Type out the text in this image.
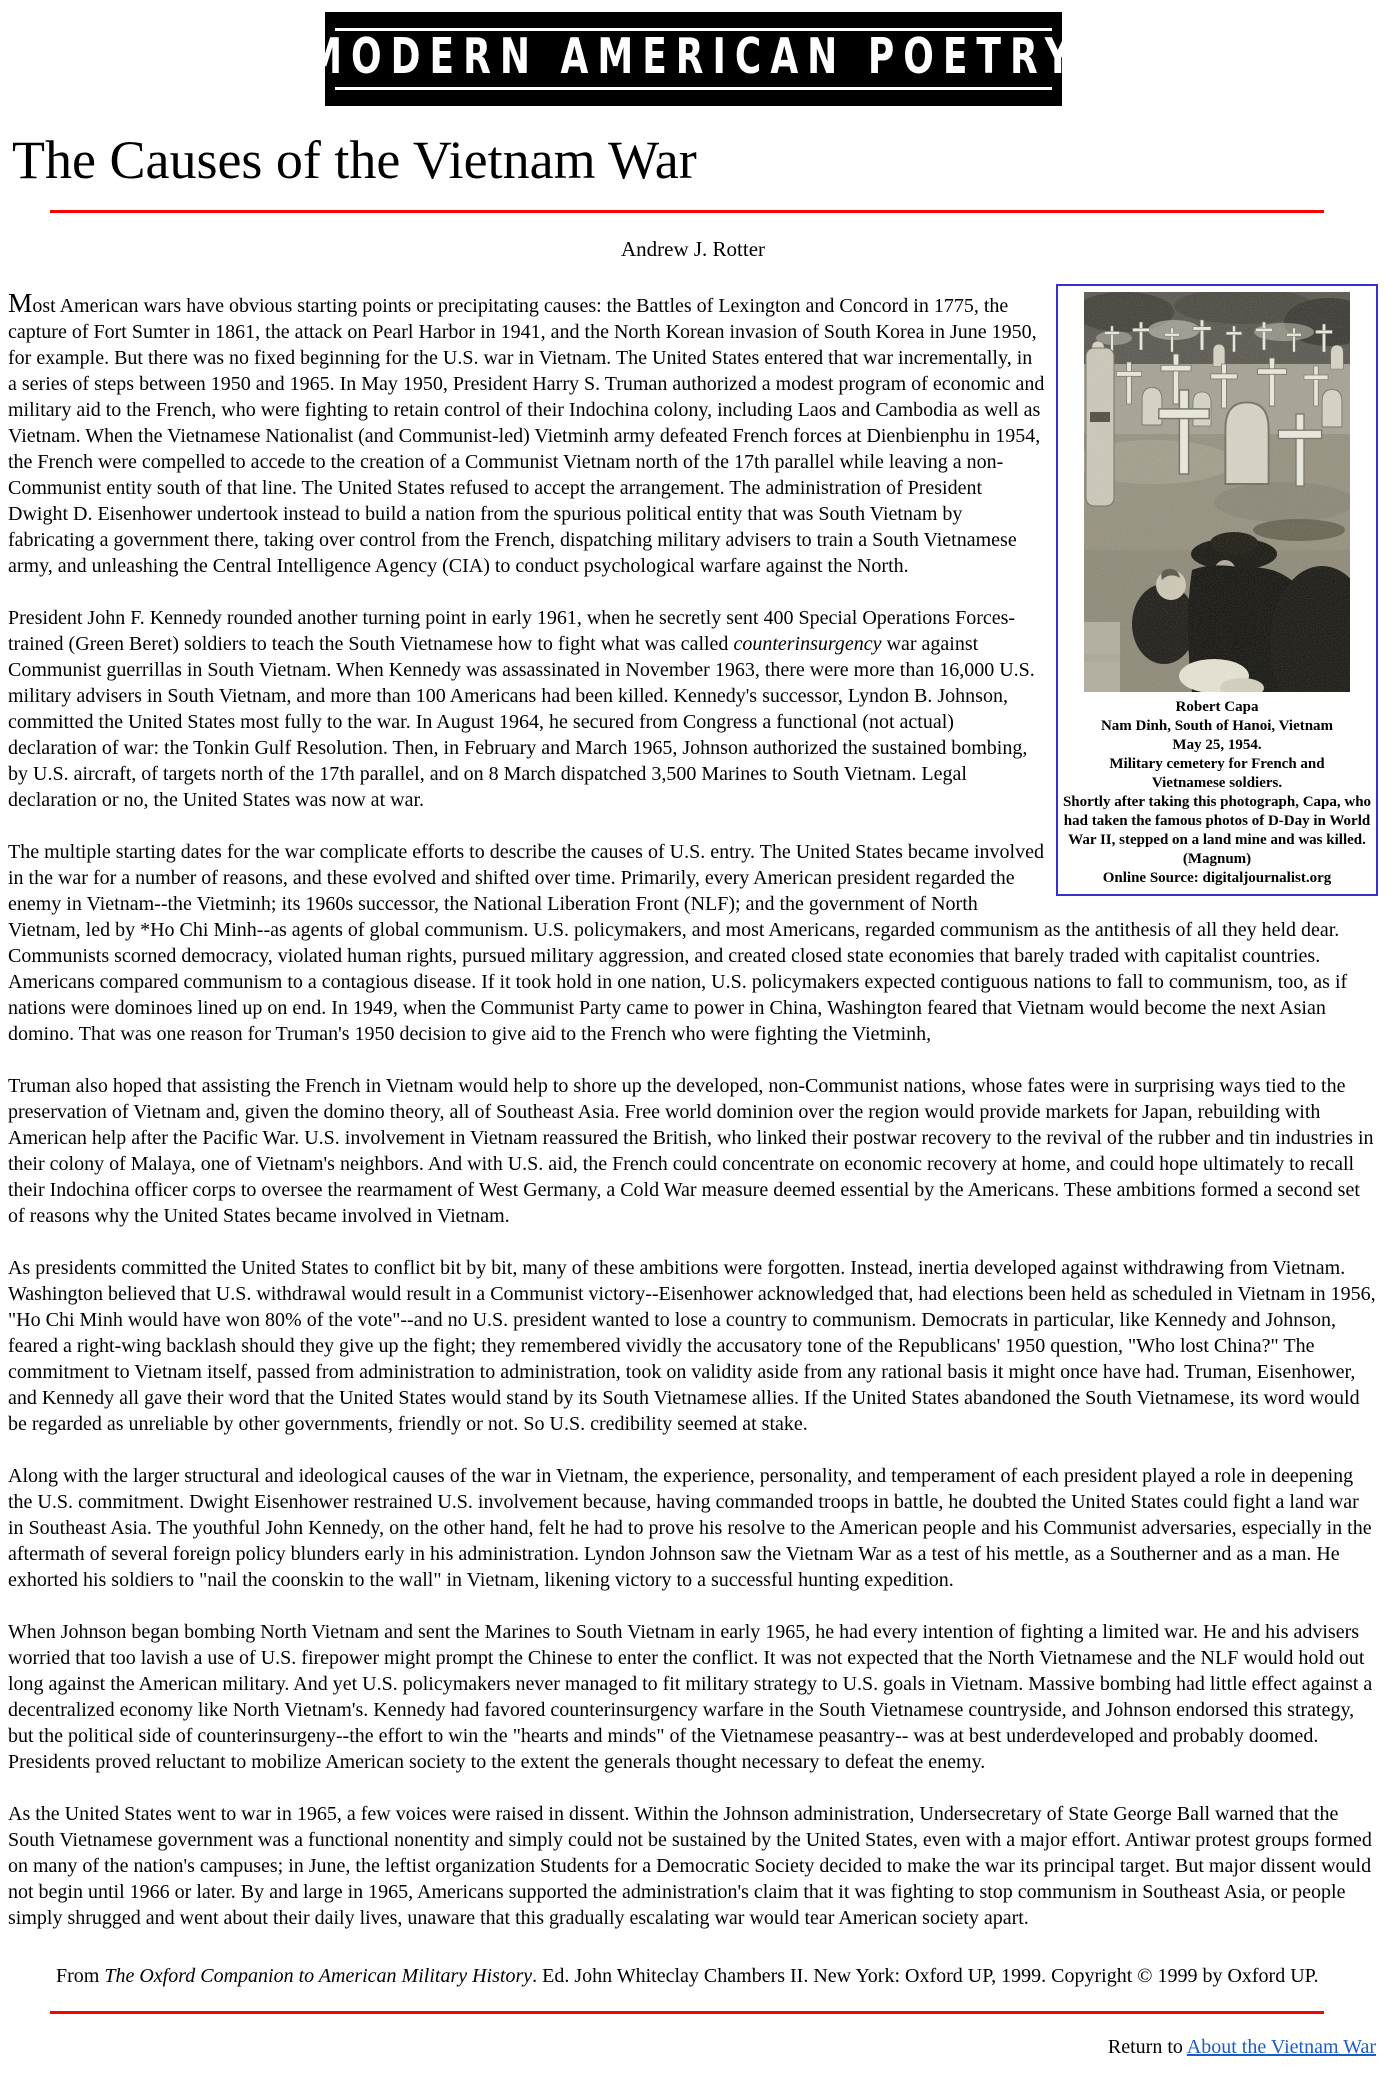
MODERN AMERICAN POETRY
The Causes of the Vietnam War
Andrew J. Rotter
Robert Capa
Nam Dinh, South of Hanoi, Vietnam
May 25, 1954.
Military cemetery for French and
Vietnamese soldiers.
Shortly after taking this photograph, Capa, who
had taken the famous photos of D-Day in World
War II, stepped on a land mine and was killed.
(Magnum)
Online Source: digitaljournalist.org

Most American wars have obvious starting points or precipitating causes: the Battles of Lexington and Concord in 1775, the capture of Fort Sumter in 1861, the attack on Pearl Harbor in 1941, and the North Korean invasion of South Korea in June 1950, for example. But there was no fixed beginning for the U.S. war in Vietnam. The United States entered that war incrementally, in a series of steps between 1950 and 1965. In May 1950, President Harry S. Truman authorized a modest program of economic and military aid to the French, who were fighting to retain control of their Indochina colony, including Laos and Cambodia as well as Vietnam. When the Vietnamese Nationalist (and Communist-led) Vietminh army defeated French forces at Dienbienphu in 1954, the French were compelled to accede to the creation of a Communist Vietnam north of the 17th parallel while leaving a non-Communist entity south of that line. The United States refused to accept the arrangement. The administration of President Dwight D. Eisenhower undertook instead to build a nation from the spurious political entity that was South Vietnam by fabricating a government there, taking over control from the French, dispatching military advisers to train a South Vietnamese army, and unleashing the Central Intelligence Agency (CIA) to conduct psychological warfare against the North.

President John F. Kennedy rounded another turning point in early 1961, when he secretly sent 400 Special Operations Forces-trained (Green Beret) soldiers to teach the South Vietnamese how to fight what was called counterinsurgency war against Communist guerrillas in South Vietnam. When Kennedy was assassinated in November 1963, there were more than 16,000 U.S. military advisers in South Vietnam, and more than 100 Americans had been killed. Kennedy's successor, Lyndon B. Johnson, committed the United States most fully to the war. In August 1964, he secured from Congress a functional (not actual) declaration of war: the Tonkin Gulf Resolution. Then, in February and March 1965, Johnson authorized the sustained bombing, by U.S. aircraft, of targets north of the 17th parallel, and on 8 March dispatched 3,500 Marines to South Vietnam. Legal declaration or no, the United States was now at war.

The multiple starting dates for the war complicate efforts to describe the causes of U.S. entry. The United States became involved in the war for a number of reasons, and these evolved and shifted over time. Primarily, every American president regarded the enemy in Vietnam--the Vietminh; its 1960s successor, the National Liberation Front (NLF); and the government of North Vietnam, led by *Ho Chi Minh--as agents of global communism. U.S. policymakers, and most Americans, regarded communism as the antithesis of all they held dear. Communists scorned democracy, violated human rights, pursued military aggression, and created closed state economies that barely traded with capitalist countries. Americans compared communism to a contagious disease. If it took hold in one nation, U.S. policymakers expected contiguous nations to fall to communism, too, as if nations were dominoes lined up on end. In 1949, when the Communist Party came to power in China, Washington feared that Vietnam would become the next Asian domino. That was one reason for Truman's 1950 decision to give aid to the French who were fighting the Vietminh,

Truman also hoped that assisting the French in Vietnam would help to shore up the developed, non-Communist nations, whose fates were in surprising ways tied to the preservation of Vietnam and, given the domino theory, all of Southeast Asia. Free world dominion over the region would provide markets for Japan, rebuilding with American help after the Pacific War. U.S. involvement in Vietnam reassured the British, who linked their postwar recovery to the revival of the rubber and tin industries in their colony of Malaya, one of Vietnam's neighbors. And with U.S. aid, the French could concentrate on economic recovery at home, and could hope ultimately to recall their Indochina officer corps to oversee the rearmament of West Germany, a Cold War measure deemed essential by the Americans. These ambitions formed a second set of reasons why the United States became involved in Vietnam.

As presidents committed the United States to conflict bit by bit, many of these ambitions were forgotten. Instead, inertia developed against withdrawing from Vietnam. Washington believed that U.S. withdrawal would result in a Communist victory--Eisenhower acknowledged that, had elections been held as scheduled in Vietnam in 1956, "Ho Chi Minh would have won 80% of the vote"--and no U.S. president wanted to lose a country to communism. Democrats in particular, like Kennedy and Johnson, feared a right-wing backlash should they give up the fight; they remembered vividly the accusatory tone of the Republicans' 1950 question, "Who lost China?" The commitment to Vietnam itself, passed from administration to administration, took on validity aside from any rational basis it might once have had. Truman, Eisenhower, and Kennedy all gave their word that the United States would stand by its South Vietnamese allies. If the United States abandoned the South Vietnamese, its word would be regarded as unreliable by other governments, friendly or not. So U.S. credibility seemed at stake.

Along with the larger structural and ideological causes of the war in Vietnam, the experience, personality, and temperament of each president played a role in deepening the U.S. commitment. Dwight Eisenhower restrained U.S. involvement because, having commanded troops in battle, he doubted the United States could fight a land war in Southeast Asia. The youthful John Kennedy, on the other hand, felt he had to prove his resolve to the American people and his Communist adversaries, especially in the aftermath of several foreign policy blunders early in his administration. Lyndon Johnson saw the Vietnam War as a test of his mettle, as a Southerner and as a man. He exhorted his soldiers to "nail the coonskin to the wall" in Vietnam, likening victory to a successful hunting expedition.

When Johnson began bombing North Vietnam and sent the Marines to South Vietnam in early 1965, he had every intention of fighting a limited war. He and his advisers worried that too lavish a use of U.S. firepower might prompt the Chinese to enter the conflict. It was not expected that the North Vietnamese and the NLF would hold out long against the American military. And yet U.S. policymakers never managed to fit military strategy to U.S. goals in Vietnam. Massive bombing had little effect against a decentralized economy like North Vietnam's. Kennedy had favored counterinsurgency warfare in the South Vietnamese countryside, and Johnson endorsed this strategy, but the political side of counterinsurgeny--the effort to win the "hearts and minds" of the Vietnamese peasantry-- was at best underdeveloped and probably doomed. Presidents proved reluctant to mobilize American society to the extent the generals thought necessary to defeat the enemy.

As the United States went to war in 1965, a few voices were raised in dissent. Within the Johnson administration, Undersecretary of State George Ball warned that the South Vietnamese government was a functional nonentity and simply could not be sustained by the United States, even with a major effort. Antiwar protest groups formed on many of the nation's campuses; in June, the leftist organization Students for a Democratic Society decided to make the war its principal target. But major dissent would not begin until 1966 or later. By and large in 1965, Americans supported the administration's claim that it was fighting to stop communism in Southeast Asia, or people simply shrugged and went about their daily lives, unaware that this gradually escalating war would tear American society apart.

From The Oxford Companion to American Military History. Ed. John Whiteclay Chambers II. New York: Oxford UP, 1999. Copyright © 1999 by Oxford UP.

Return to About the Vietnam War
